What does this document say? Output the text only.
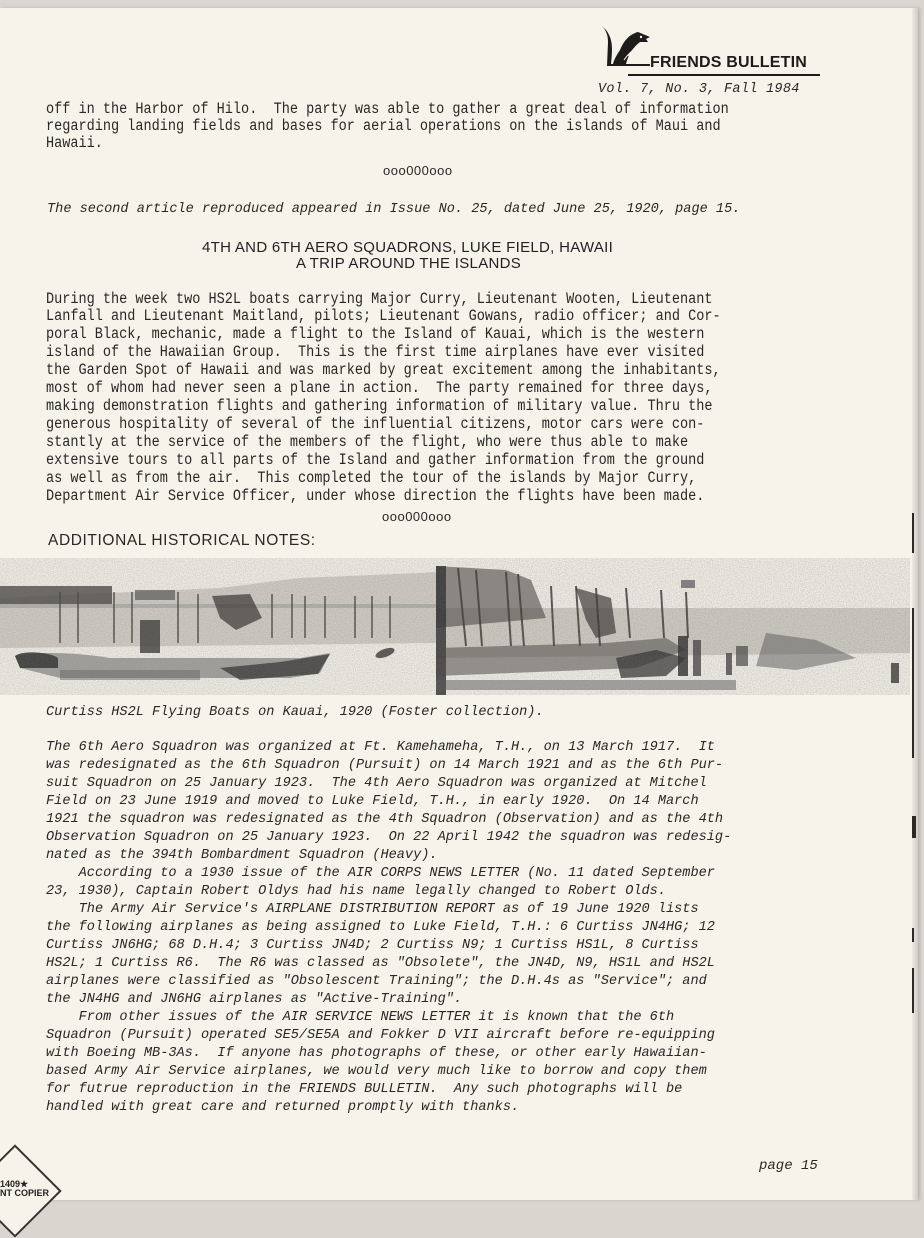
FRIENDS BULLETIN
Vol. 7, No. 3, Fall 1984
off in the Harbor of Hilo.  The party was able to gather a great deal of information
regarding landing fields and bases for aerial operations on the islands of Maui and
Hawaii.
ooo000ooo
The second article reproduced appeared in Issue No. 25, dated June 25, 1920, page 15.
4TH AND 6TH AERO SQUADRONS, LUKE FIELD, HAWAII
A TRIP AROUND THE ISLANDS
During the week two HS2L boats carrying Major Curry, Lieutenant Wooten, Lieutenant
Lanfall and Lieutenant Maitland, pilots; Lieutenant Gowans, radio officer; and Cor-
poral Black, mechanic, made a flight to the Island of Kauai, which is the western
island of the Hawaiian Group.  This is the first time airplanes have ever visited
the Garden Spot of Hawaii and was marked by great excitement among the inhabitants,
most of whom had never seen a plane in action.  The party remained for three days,
making demonstration flights and gathering information of military value. Thru the
generous hospitality of several of the influential citizens, motor cars were con-
stantly at the service of the members of the flight, who were thus able to make
extensive tours to all parts of the Island and gather information from the ground
as well as from the air.  This completed the tour of the islands by Major Curry,
Department Air Service Officer, under whose direction the flights have been made.
ooo000ooo
ADDITIONAL HISTORICAL NOTES:
Curtiss HS2L Flying Boats on Kauai, 1920 (Foster collection).
The 6th Aero Squadron was organized at Ft. Kamehameha, T.H., on 13 March 1917.  It
was redesignated as the 6th Squadron (Pursuit) on 14 March 1921 and as the 6th Pur-
suit Squadron on 25 January 1923.  The 4th Aero Squadron was organized at Mitchel
Field on 23 June 1919 and moved to Luke Field, T.H., in early 1920.  On 14 March
1921 the squadron was redesignated as the 4th Squadron (Observation) and as the 4th
Observation Squadron on 25 January 1923.  On 22 April 1942 the squadron was redesig-
nated as the 394th Bombardment Squadron (Heavy).
According to a 1930 issue of the AIR CORPS NEWS LETTER (No. 11 dated September
23, 1930), Captain Robert Oldys had his name legally changed to Robert Olds.
The Army Air Service's AIRPLANE DISTRIBUTION REPORT as of 19 June 1920 lists
the following airplanes as being assigned to Luke Field, T.H.: 6 Curtiss JN4HG; 12
Curtiss JN6HG; 68 D.H.4; 3 Curtiss JN4D; 2 Curtiss N9; 1 Curtiss HS1L, 8 Curtiss
HS2L; 1 Curtiss R6.  The R6 was classed as "Obsolete", the JN4D, N9, HS1L and HS2L
airplanes were classified as "Obsolescent Training"; the D.H.4s as "Service"; and
the JN4HG and JN6HG airplanes as "Active-Training".
From other issues of the AIR SERVICE NEWS LETTER it is known that the 6th
Squadron (Pursuit) operated SE5/SE5A and Fokker D VII aircraft before re-equipping
with Boeing MB-3As.  If anyone has photographs of these, or other early Hawaiian-
based Army Air Service airplanes, we would very much like to borrow and copy them
for futrue reproduction in the FRIENDS BULLETIN.  Any such photographs will be
handled with great care and returned promptly with thanks.
page 15
1409★
NT COPIER
